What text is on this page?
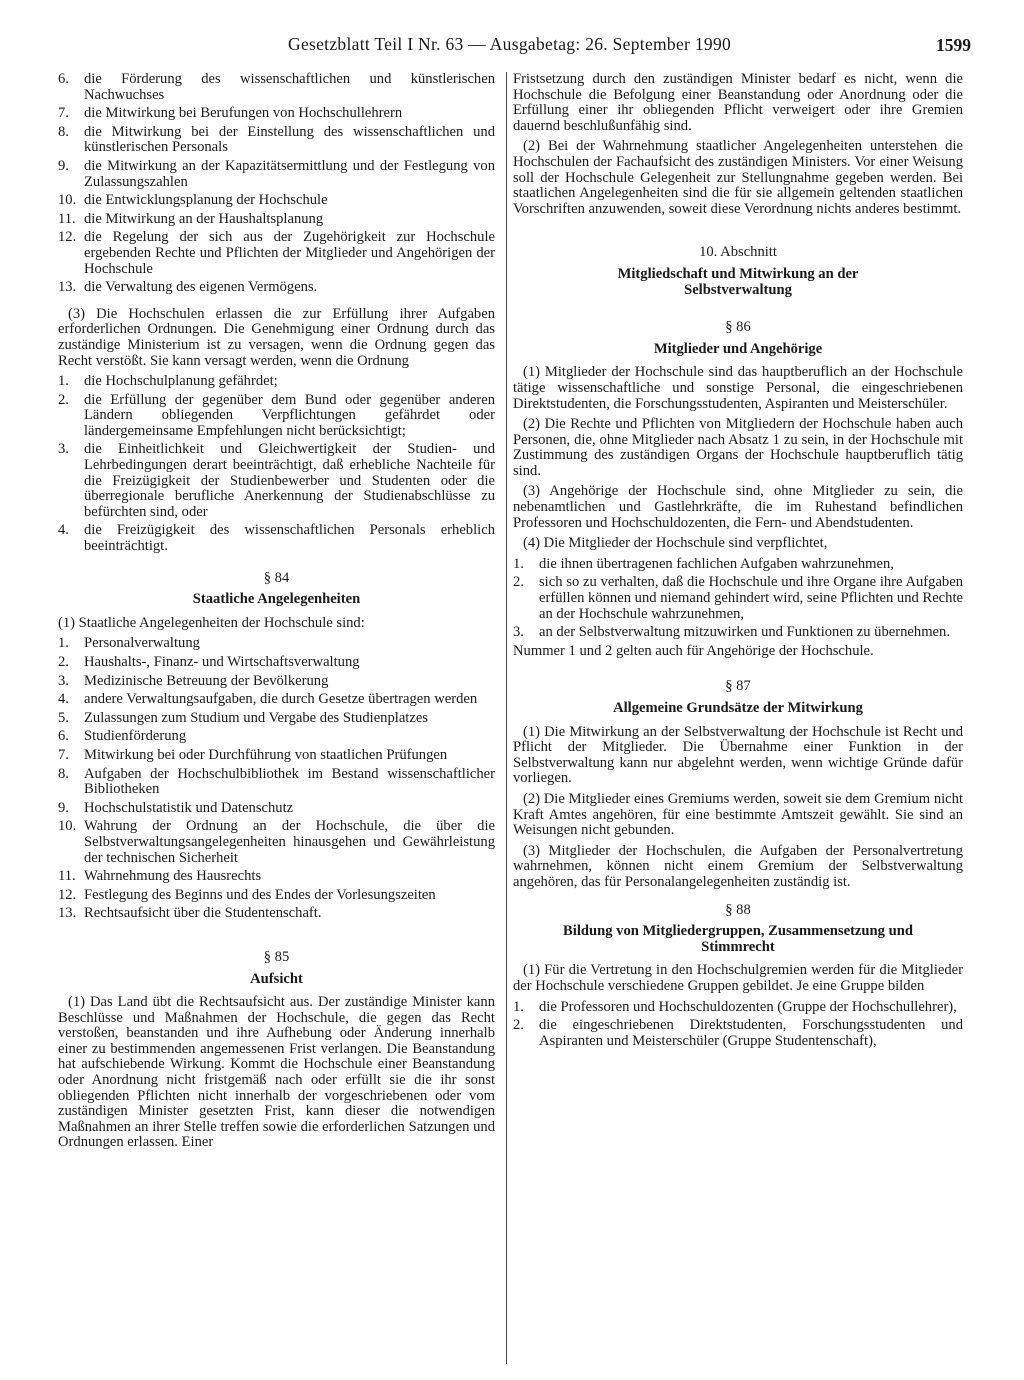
Gesetzblatt Teil I Nr. 63 — Ausgabetag: 26. September 1990	1599
6.	die Förderung des wissenschaftlichen und künstlerischen Nachwuchses
7.	die Mitwirkung bei Berufungen von Hochschullehrern
8.	die Mitwirkung bei der Einstellung des wissenschaftlichen und künstlerischen Personals
9.	die Mitwirkung an der Kapazitätsermittlung und der Festlegung von Zulassungszahlen
10. die Entwicklungsplanung der Hochschule
11. die Mitwirkung an der Haushaltsplanung
12. die Regelung der sich aus der Zugehörigkeit zur Hochschule ergebenden Rechte und Pflichten der Mitglieder und Angehörigen der Hochschule
13. die Verwaltung des eigenen Vermögens.

(3) Die Hochschulen erlassen die zur Erfüllung ihrer Aufgaben erforderlichen Ordnungen. Die Genehmigung einer Ordnung durch das zuständige Ministerium ist zu versagen, wenn die Ordnung gegen das Recht verstößt. Sie kann versagt werden, wenn die Ordnung

1.	die Hochschulplanung gefährdet;
2.	die Erfüllung der gegenüber dem Bund oder gegenüber anderen Ländern obliegenden Verpflichtungen gefährdet oder ländergemeinsame Empfehlungen nicht berücksichtigt;
3.	die Einheitlichkeit und Gleichwertigkeit der Studien- und Lehrbedingungen derart beeinträchtigt, daß erhebliche Nachteile für die Freizügigkeit der Studienbewerber und Studenten oder die überregionale berufliche Anerkennung der Studienabschlüsse zu befürchten sind, oder
4.	die Freizügigkeit des wissenschaftlichen Personals erheblich beeinträchtigt.
§ 84
Staatliche Angelegenheiten

(1) Staatliche Angelegenheiten der Hochschule sind:

1.	Personalverwaltung
2.	Haushalts-, Finanz- und Wirtschaftsverwaltung
3.	Medizinische Betreuung der Bevölkerung
4.	andere Verwaltungsaufgaben, die durch Gesetze übertragen werden
5.	Zulassungen zum Studium und Vergabe des Studienplatzes
6.	Studienförderung
7.	Mitwirkung bei oder Durchführung von staatlichen Prüfungen
8.	Aufgaben der Hochschulbibliothek im Bestand wissenschaftlicher Bibliotheken
9.	Hochschulstatistik und Datenschutz
10. Wahrung der Ordnung an der Hochschule, die über die Selbstverwaltungsangelegenheiten hinausgehen und Gewährleistung der technischen Sicherheit
11. Wahrnehmung des Hausrechts
12. Festlegung des Beginns und des Endes der Vorlesungszeiten
13. Rechtsaufsicht über die Studentenschaft.
§ 85
Aufsicht

(1) Das Land übt die Rechtsaufsicht aus. Der zuständige Minister kann Beschlüsse und Maßnahmen der Hochschule, die gegen das Recht verstoßen, beanstanden und ihre Aufhebung oder Änderung innerhalb einer zu bestimmenden angemessenen Frist verlangen. Die Beanstandung hat aufschiebende Wirkung. Kommt die Hochschule einer Beanstandung oder Anordnung nicht fristgemäß nach oder erfüllt sie die ihr sonst obliegenden Pflichten nicht innerhalb der vorgeschriebenen oder vom zuständigen Minister gesetzten Frist, kann dieser die notwendigen Maßnahmen an ihrer Stelle treffen sowie die erforderlichen Satzungen und Ordnungen erlassen. Einer

Fristsetzung durch den zuständigen Minister bedarf es nicht, wenn die Hochschule die Befolgung einer Beanstandung oder Anordnung oder die Erfüllung einer ihr obliegenden Pflicht verweigert oder ihre Gremien dauernd beschlußunfähig sind.

(2) Bei der Wahrnehmung staatlicher Angelegenheiten unterstehen die Hochschulen der Fachaufsicht des zuständigen Ministers. Vor einer Weisung soll der Hochschule Gelegenheit zur Stellungnahme gegeben werden. Bei staatlichen Angelegenheiten sind die für sie allgemein geltenden staatlichen Vorschriften anzuwenden, soweit diese Verordnung nichts anderes bestimmt.

10. Abschnitt
Mitgliedschaft und Mitwirkung an der Selbstverwaltung
§ 86
Mitglieder und Angehörige

(1) Mitglieder der Hochschule sind das hauptberuflich an der Hochschule tätige wissenschaftliche und sonstige Personal, die eingeschriebenen Direktstudenten, die Forschungsstudenten, Aspiranten und Meisterschüler.

(2) Die Rechte und Pflichten von Mitgliedern der Hochschule haben auch Personen, die, ohne Mitglieder nach Absatz 1 zu sein, in der Hochschule mit Zustimmung des zuständigen Organs der Hochschule hauptberuflich tätig sind.

(3) Angehörige der Hochschule sind, ohne Mitglieder zu sein, die nebenamtlichen und Gastlehrkräfte, die im Ruhestand befindlichen Professoren und Hochschuldozenten, die Fern- und Abendstudenten.

(4) Die Mitglieder der Hochschule sind verpflichtet,

1.	die ihnen übertragenen fachlichen Aufgaben wahrzunehmen,
2.	sich so zu verhalten, daß die Hochschule und ihre Organe ihre Aufgaben erfüllen können und niemand gehindert wird, seine Pflichten und Rechte an der Hochschule wahrzunehmen,
3.	an der Selbstverwaltung mitzuwirken und Funktionen zu übernehmen.

Nummer 1 und 2 gelten auch für Angehörige der Hochschule.

§ 87
Allgemeine Grundsätze der Mitwirkung

(1) Die Mitwirkung an der Selbstverwaltung der Hochschule ist Recht und Pflicht der Mitglieder. Die Übernahme einer Funktion in der Selbstverwaltung kann nur abgelehnt werden, wenn wichtige Gründe dafür vorliegen.

(2) Die Mitglieder eines Gremiums werden, soweit sie dem Gremium nicht Kraft Amtes angehören, für eine bestimmte Amtszeit gewählt. Sie sind an Weisungen nicht gebunden.

(3) Mitglieder der Hochschulen, die Aufgaben der Personalvertretung wahrnehmen, können nicht einem Gremium der Selbstverwaltung angehören, das für Personalangelegenheiten zuständig ist.

§ 88
Bildung von Mitgliedergruppen, Zusammensetzung und Stimmrecht

(1) Für die Vertretung in den Hochschulgremien werden für die Mitglieder der Hochschule verschiedene Gruppen gebildet. Je eine Gruppe bilden

1.	die Professoren und Hochschuldozenten (Gruppe der Hochschullehrer),
2.	die eingeschriebenen Direktstudenten, Forschungsstudenten und Aspiranten und Meisterschüler (Gruppe Studentenschaft),
